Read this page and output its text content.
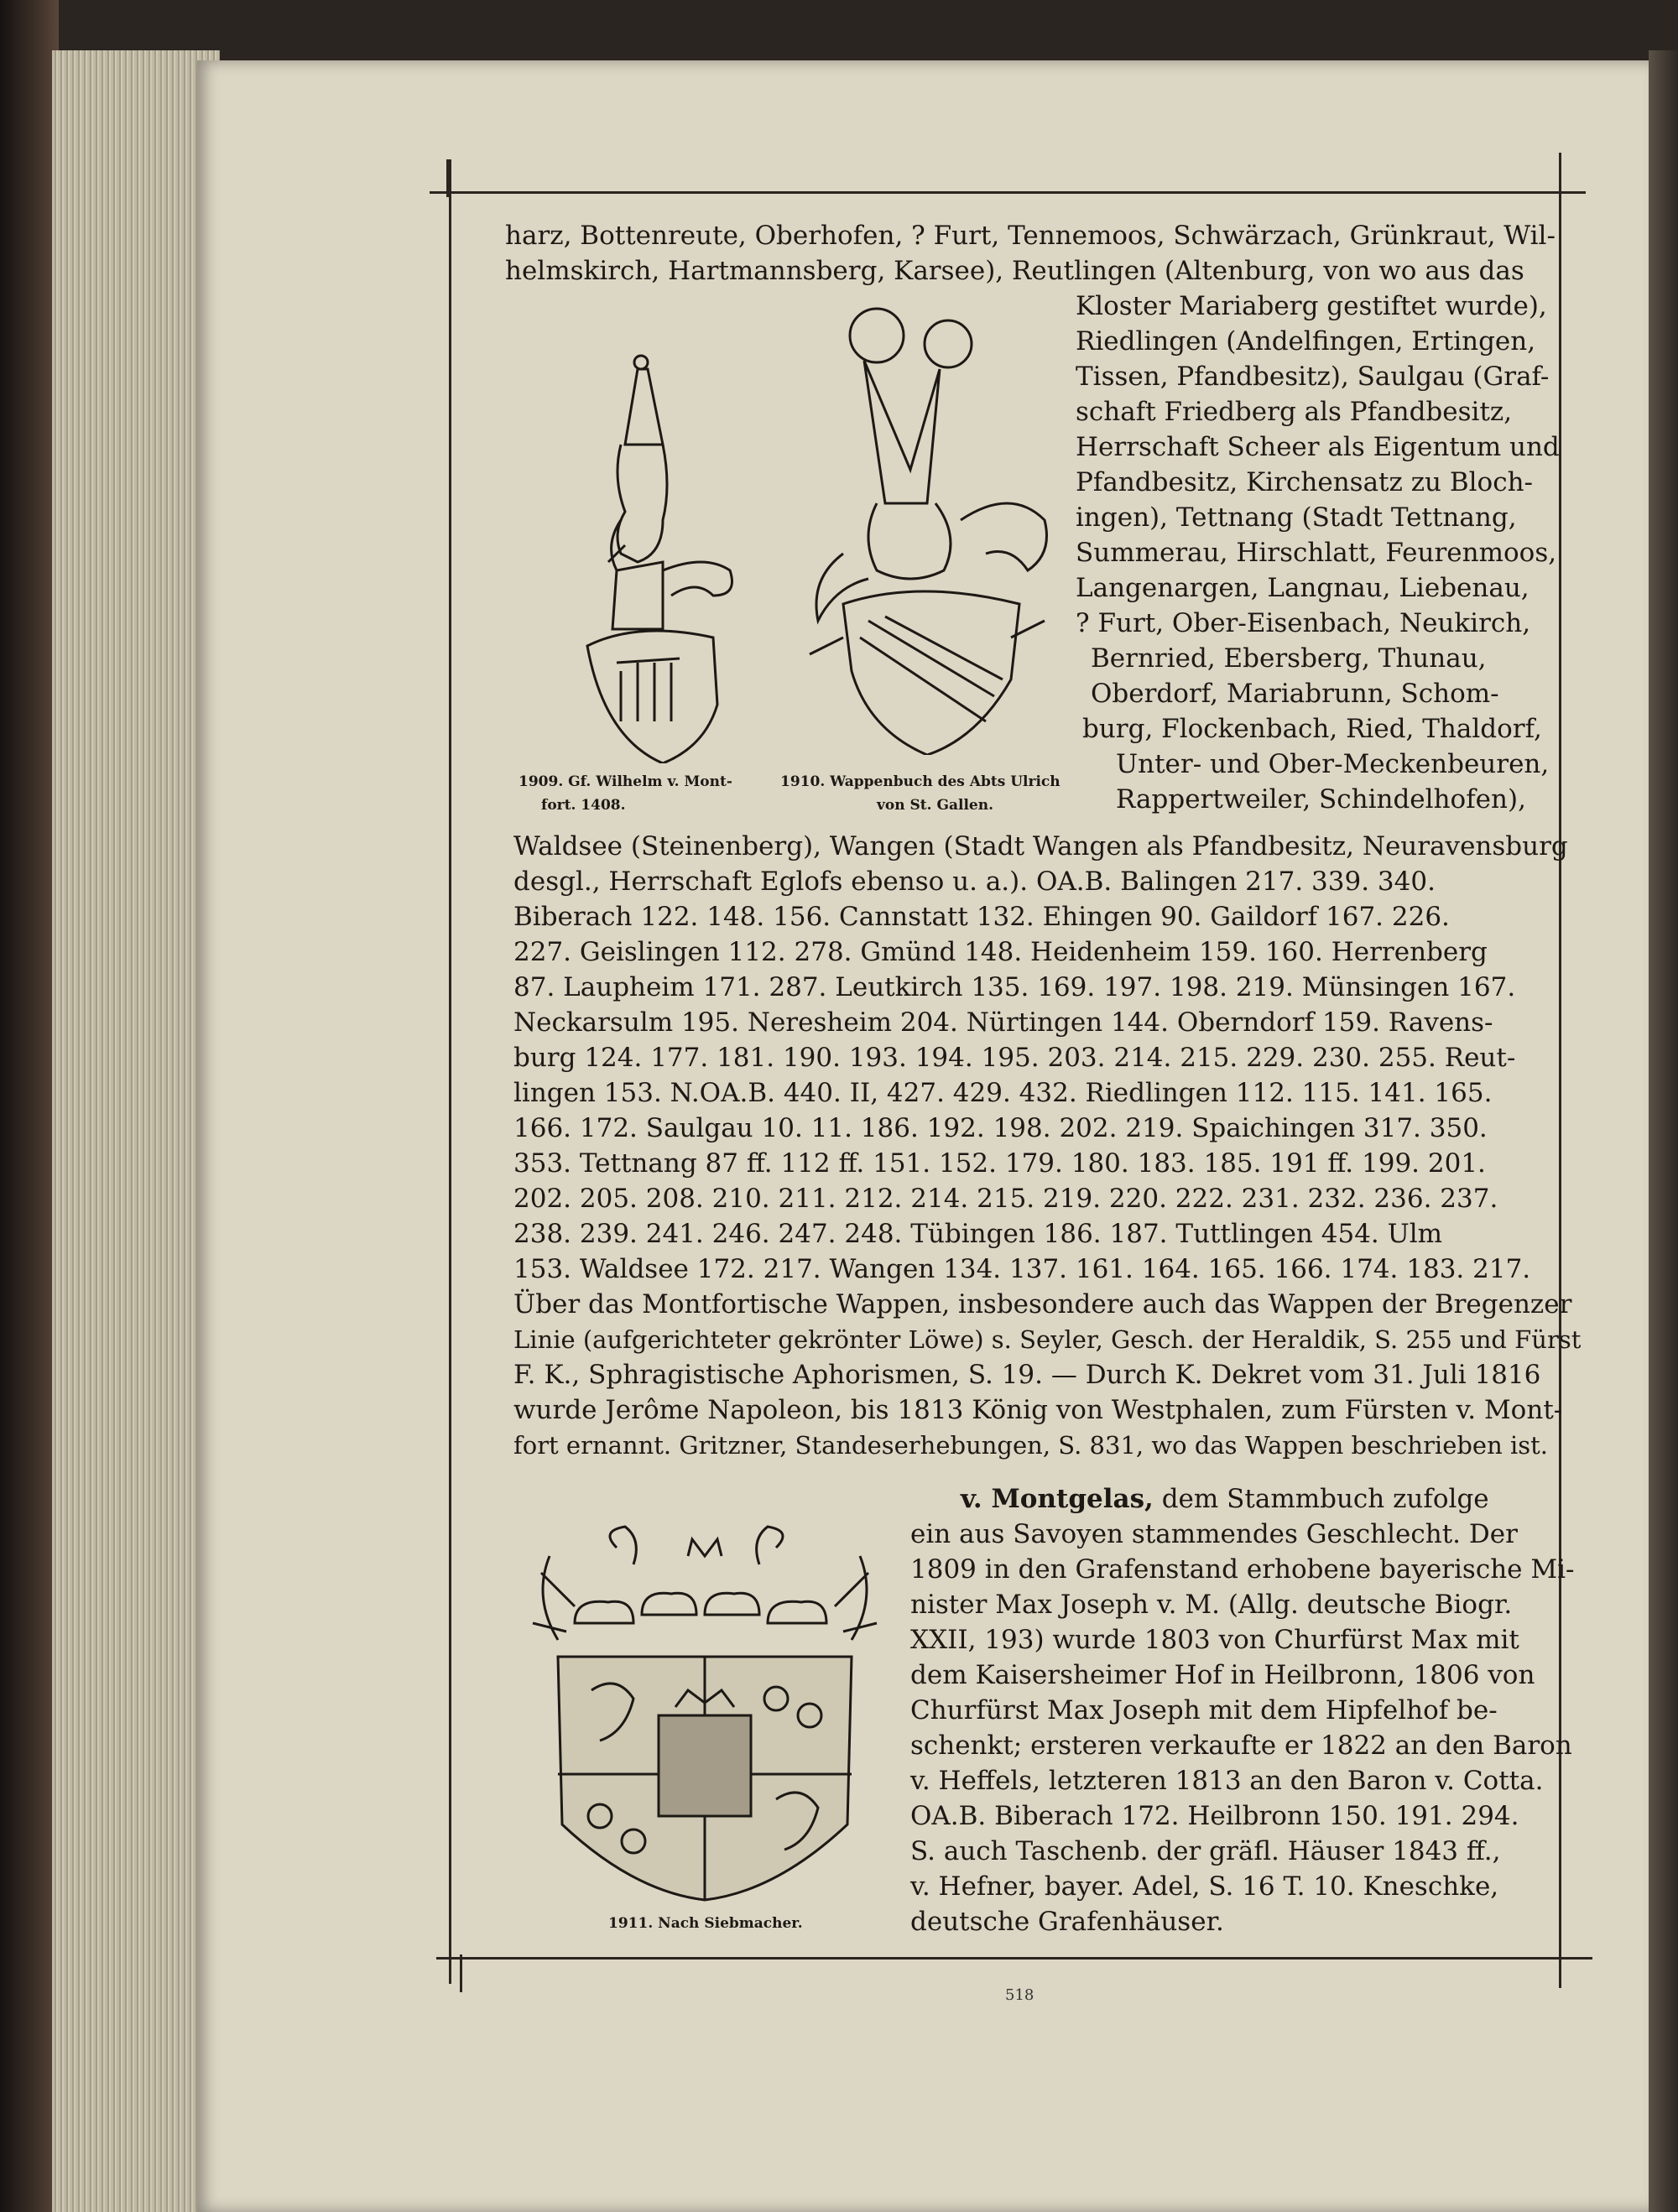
harz, Bottenreute, Oberhofen, ? Furt, Tennemoos, Schwärzach, Grünkraut, Wil-
helmskirch, Hartmannsberg, Karsee), Reutlingen (Altenburg, von wo aus das
1909. Gf. Wilhelm v. Mont-
fort. 1408.
1910. Wappenbuch des Abts Ulrich
von St. Gallen.
Kloster Mariaberg gestiftet wurde),
Riedlingen (Andelfingen, Ertingen,
Tissen, Pfandbesitz), Saulgau (Graf-
schaft Friedberg als Pfandbesitz,
Herrschaft Scheer als Eigentum und
Pfandbesitz, Kirchensatz zu Bloch-
ingen), Tettnang (Stadt Tettnang,
Summerau, Hirschlatt, Feurenmoos,
Langenargen, Langnau, Liebenau,
? Furt, Ober-Eisenbach, Neukirch,
Bernried, Ebersberg, Thunau,
Oberdorf, Mariabrunn, Schom-
burg, Flockenbach, Ried, Thaldorf,
Unter- und Ober-Meckenbeuren,
Rappertweiler, Schindelhofen),
Waldsee (Steinenberg), Wangen (Stadt Wangen als Pfandbesitz, Neuravensburg
desgl., Herrschaft Eglofs ebenso u. a.). OA.B. Balingen 217. 339. 340.
Biberach 122. 148. 156. Cannstatt 132. Ehingen 90. Gaildorf 167. 226.
227. Geislingen 112. 278. Gmünd 148. Heidenheim 159. 160. Herrenberg
87. Laupheim 171. 287. Leutkirch 135. 169. 197. 198. 219. Münsingen 167.
Neckarsulm 195. Neresheim 204. Nürtingen 144. Oberndorf 159. Ravens-
burg 124. 177. 181. 190. 193. 194. 195. 203. 214. 215. 229. 230. 255. Reut-
lingen 153. N.OA.B. 440. II, 427. 429. 432. Riedlingen 112. 115. 141. 165.
166. 172. Saulgau 10. 11. 186. 192. 198. 202. 219. Spaichingen 317. 350.
353. Tettnang 87 ff. 112 ff. 151. 152. 179. 180. 183. 185. 191 ff. 199. 201.
202. 205. 208. 210. 211. 212. 214. 215. 219. 220. 222. 231. 232. 236. 237.
238. 239. 241. 246. 247. 248. Tübingen 186. 187. Tuttlingen 454. Ulm
153. Waldsee 172. 217. Wangen 134. 137. 161. 164. 165. 166. 174. 183. 217.
Über das Montfortische Wappen, insbesondere auch das Wappen der Bregenzer
Linie (aufgerichteter gekrönter Löwe) s. Seyler, Gesch. der Heraldik, S. 255 und Fürst
F. K., Sphragistische Aphorismen, S. 19. — Durch K. Dekret vom 31. Juli 1816
wurde Jerôme Napoleon, bis 1813 König von Westphalen, zum Fürsten v. Mont-
fort ernannt. Gritzner, Standeserhebungen, S. 831, wo das Wappen beschrieben ist.
1911. Nach Siebmacher.
v. Montgelas, dem Stammbuch zufolge
ein aus Savoyen stammendes Geschlecht. Der
1809 in den Grafenstand erhobene bayerische Mi-
nister Max Joseph v. M. (Allg. deutsche Biogr.
XXII, 193) wurde 1803 von Churfürst Max mit
dem Kaisersheimer Hof in Heilbronn, 1806 von
Churfürst Max Joseph mit dem Hipfelhof be-
schenkt; ersteren verkaufte er 1822 an den Baron
v. Heffels, letzteren 1813 an den Baron v. Cotta.
OA.B. Biberach 172. Heilbronn 150. 191. 294.
S. auch Taschenb. der gräfl. Häuser 1843 ff.,
v. Hefner, bayer. Adel, S. 16 T. 10. Kneschke,
deutsche Grafenhäuser.
518
